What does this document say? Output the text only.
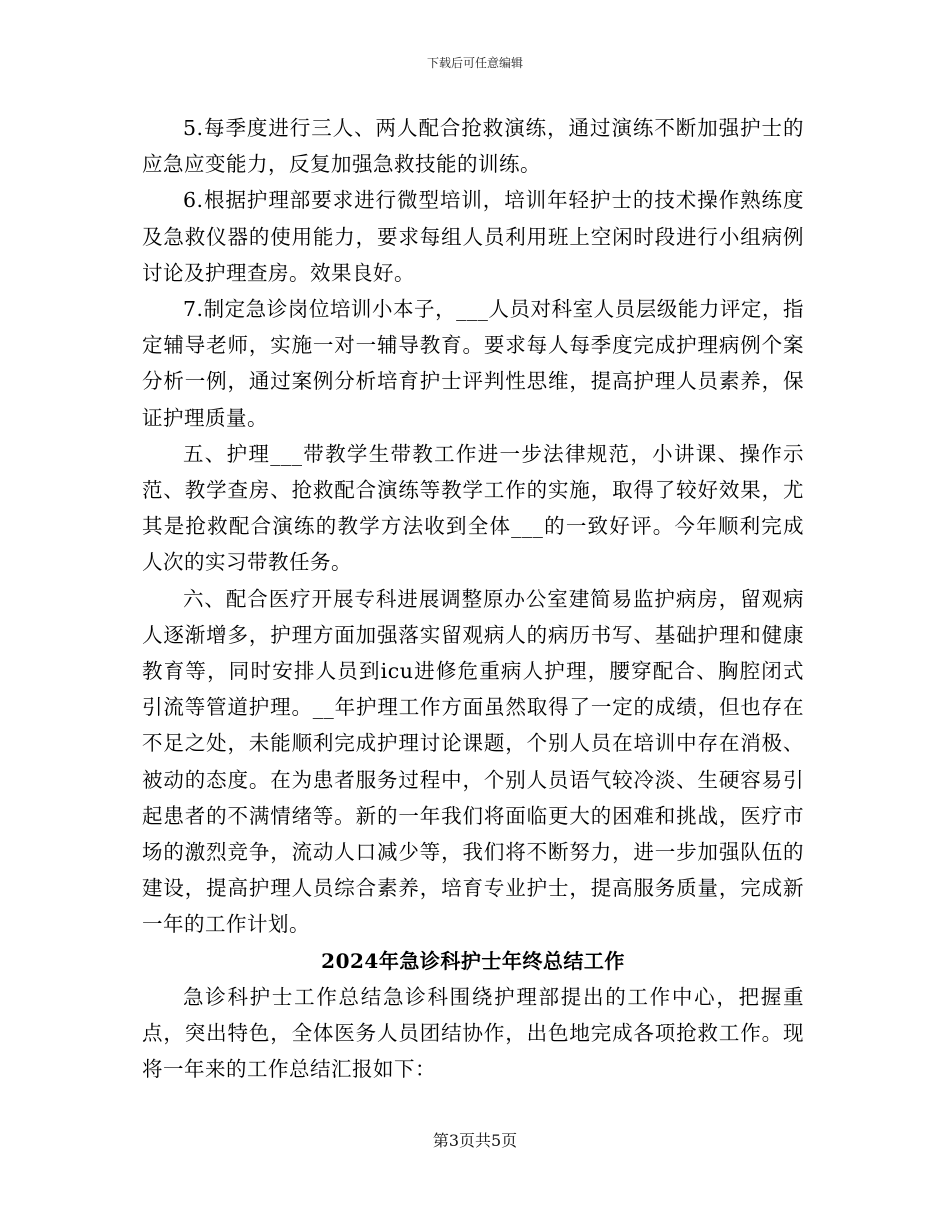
下载后可任意编辑

5.每季度进行三人、两人配合抢救演练，通过演练不断加强护士的应急应变能力，反复加强急救技能的训练。

6.根据护理部要求进行微型培训，培训年轻护士的技术操作熟练度及急救仪器的使用能力，要求每组人员利用班上空闲时段进行小组病例讨论及护理查房。效果良好。

7.制定急诊岗位培训小本子，___人员对科室人员层级能力评定，指定辅导老师，实施一对一辅导教育。要求每人每季度完成护理病例个案分析一例，通过案例分析培育护士评判性思维，提高护理人员素养，保证护理质量。

五、护理___带教学生带教工作进一步法律规范，小讲课、操作示范、教学查房、抢救配合演练等教学工作的实施，取得了较好效果，尤其是抢救配合演练的教学方法收到全体___的一致好评。今年顺利完成人次的实习带教任务。

六、配合医疗开展专科进展调整原办公室建简易监护病房，留观病人逐渐增多，护理方面加强落实留观病人的病历书写、基础护理和健康教育等，同时安排人员到icu进修危重病人护理，腰穿配合、胸腔闭式引流等管道护理。__年护理工作方面虽然取得了一定的成绩，但也存在不足之处，未能顺利完成护理讨论课题，个别人员在培训中存在消极、被动的态度。在为患者服务过程中，个别人员语气较冷淡、生硬容易引起患者的不满情绪等。新的一年我们将面临更大的困难和挑战，医疗市场的激烈竞争，流动人口减少等，我们将不断努力，进一步加强队伍的建设，提高护理人员综合素养，培育专业护士，提高服务质量，完成新一年的工作计划。

2024年急诊科护士年终总结工作

急诊科护士工作总结急诊科围绕护理部提出的工作中心，把握重点，突出特色，全体医务人员团结协作，出色地完成各项抢救工作。现将一年来的工作总结汇报如下：

第3页共5页
